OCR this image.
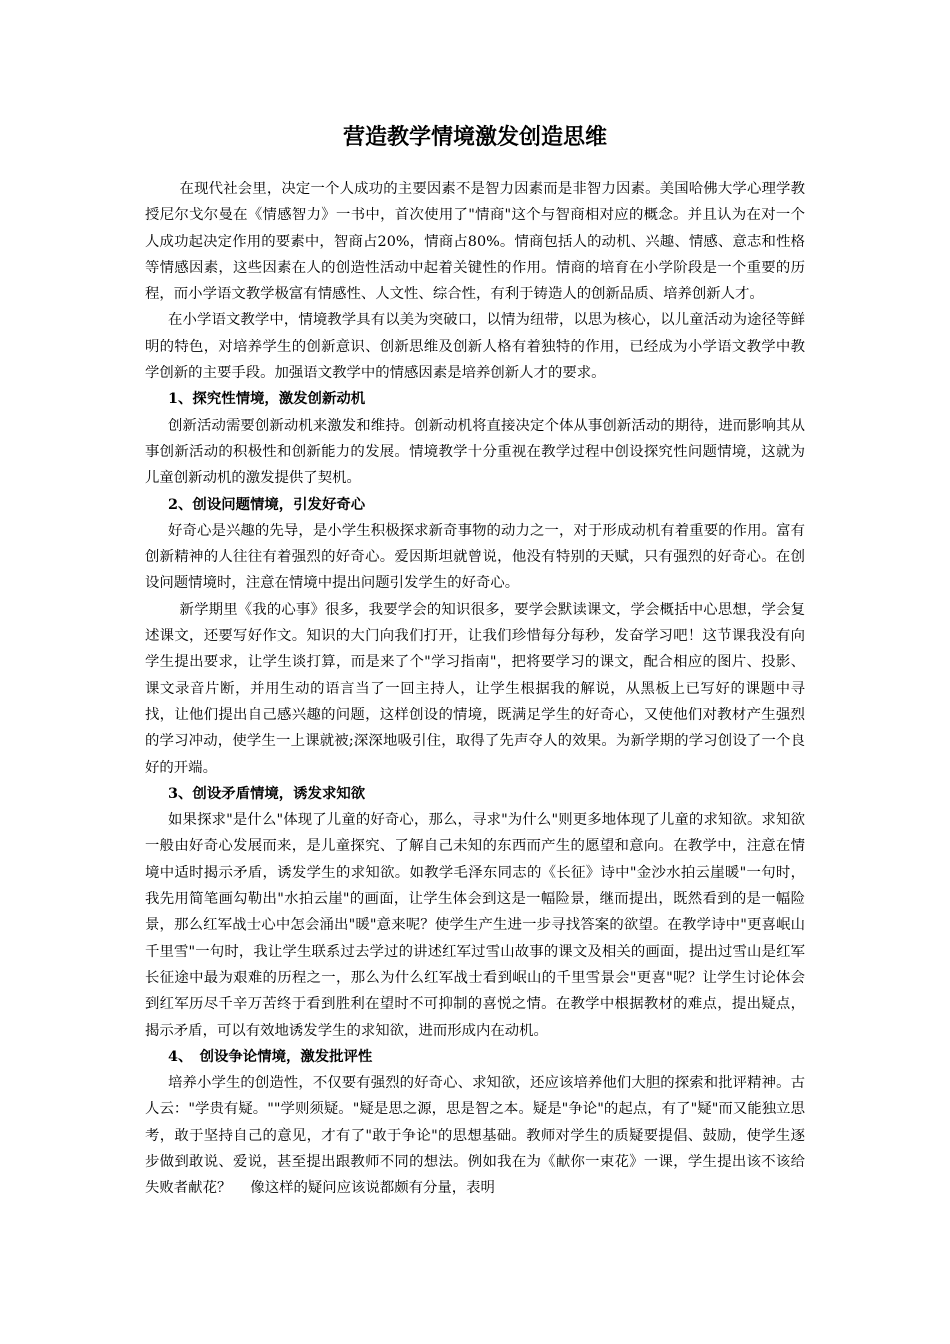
营造教学情境激发创造思维

在现代社会里，决定一个人成功的主要因素不是智力因素而是非智力因素。美国哈佛大学心理学教授尼尔戈尔曼在《情感智力》一书中，首次使用了"情商"这个与智商相对应的概念。并且认为在对一个人成功起决定作用的要素中，智商占20%，情商占80%。情商包括人的动机、兴趣、情感、意志和性格等情感因素，这些因素在人的创造性活动中起着关键性的作用。情商的培育在小学阶段是一个重要的历程，而小学语文教学极富有情感性、人文性、综合性，有利于铸造人的创新品质、培养创新人才。

在小学语文教学中，情境教学具有以美为突破口，以情为纽带，以思为核心，以儿童活动为途径等鲜明的特色，对培养学生的创新意识、创新思维及创新人格有着独特的作用，已经成为小学语文教学中教学创新的主要手段。加强语文教学中的情感因素是培养创新人才的要求。

1、探究性情境，激发创新动机

创新活动需要创新动机来激发和维持。创新动机将直接决定个体从事创新活动的期待，进而影响其从事创新活动的积极性和创新能力的发展。情境教学十分重视在教学过程中创设探究性问题情境，这就为儿童创新动机的激发提供了契机。

2、创设问题情境，引发好奇心

好奇心是兴趣的先导，是小学生积极探求新奇事物的动力之一，对于形成动机有着重要的作用。富有创新精神的人往往有着强烈的好奇心。爱因斯坦就曾说，他没有特别的天赋，只有强烈的好奇心。在创设问题情境时，注意在情境中提出问题引发学生的好奇心。

新学期里《我的心事》很多，我要学会的知识很多，要学会默读课文，学会概括中心思想，学会复述课文，还要写好作文。知识的大门向我们打开，让我们珍惜每分每秒，发奋学习吧！这节课我没有向学生提出要求，让学生谈打算，而是来了个"学习指南"，把将要学习的课文，配合相应的图片、投影、课文录音片断，并用生动的语言当了一回主持人，让学生根据我的解说，从黑板上已写好的课题中寻找，让他们提出自己感兴趣的问题，这样创设的情境，既满足学生的好奇心，又使他们对教材产生强烈的学习冲动，使学生一上课就被;深深地吸引住，取得了先声夺人的效果。为新学期的学习创设了一个良好的开端。

3、创设矛盾情境，诱发求知欲

如果探求"是什么"体现了儿童的好奇心，那么，寻求"为什么"则更多地体现了儿童的求知欲。求知欲一般由好奇心发展而来，是儿童探究、了解自己未知的东西而产生的愿望和意向。在教学中，注意在情境中适时揭示矛盾，诱发学生的求知欲。如教学毛泽东同志的《长征》诗中"金沙水拍云崖暖"一句时，我先用简笔画勾勒出"水拍云崖"的画面，让学生体会到这是一幅险景，继而提出，既然看到的是一幅险景，那么红军战士心中怎会涌出"暖"意来呢？使学生产生进一步寻找答案的欲望。在教学诗中"更喜岷山千里雪"一句时，我让学生联系过去学过的讲述红军过雪山故事的课文及相关的画面，提出过雪山是红军长征途中最为艰难的历程之一，那么为什么红军战士看到岷山的千里雪景会"更喜"呢？让学生讨论体会到红军历尽千辛万苦终于看到胜利在望时不可抑制的喜悦之情。在教学中根据教材的难点，提出疑点，揭示矛盾，可以有效地诱发学生的求知欲，进而形成内在动机。

4、　创设争论情境，激发批评性

培养小学生的创造性，不仅要有强烈的好奇心、求知欲，还应该培养他们大胆的探索和批评精神。古人云："学贵有疑。""学则须疑。"疑是思之源，思是智之本。疑是"争论"的起点，有了"疑"而又能独立思考，敢于坚持自己的意见，才有了"敢于争论"的思想基础。教师对学生的质疑要提倡、鼓励，使学生逐步做到敢说、爱说，甚至提出跟教师不同的想法。例如我在为《献你一束花》一课，学生提出该不该给失败者献花？　 像这样的疑问应该说都颇有分量，表明
